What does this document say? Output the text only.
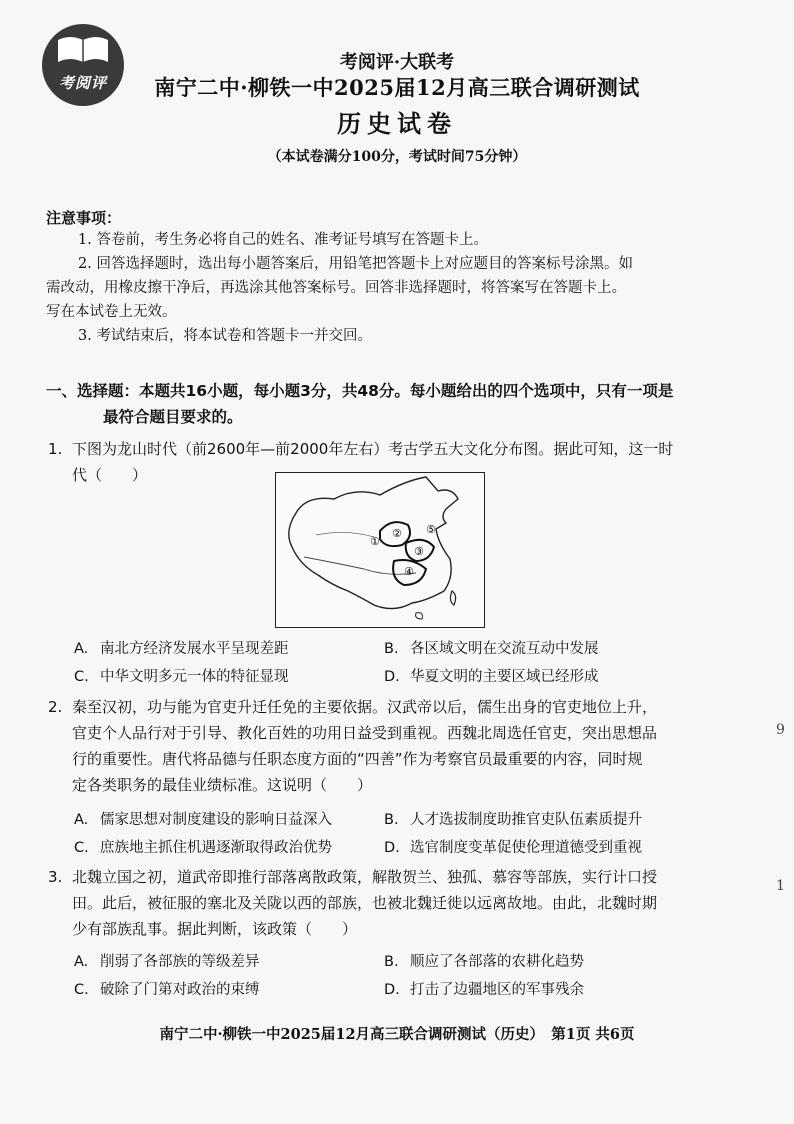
考阅评
考阅评·大联考
南宁二中·柳铁一中2025届12月高三联合调研测试
历史试卷
（本试卷满分100分，考试时间75分钟）
注意事项：
1. 答卷前，考生务必将自己的姓名、准考证号填写在答题卡上。
2. 回答选择题时，选出每小题答案后，用铅笔把答题卡上对应题目的答案标号涂黑。如
需改动，用橡皮擦干净后，再选涂其他答案标号。回答非选择题时，将答案写在答题卡上。
写在本试卷上无效。
3. 考试结束后，将本试卷和答题卡一并交回。
一、选择题：本题共16小题，每小题3分，共48分。每小题给出的四个选项中，只有一项是
最符合题目要求的。
1. 下图为龙山时代（前2600年—前2000年左右）考古学五大文化分布图。据此可知，这一时
代（　　）
①
②
③
④
⑤
A. 南北方经济发展水平呈现差距	B. 各区域文明在交流互动中发展
C. 中华文明多元一体的特征显现	D. 华夏文明的主要区域已经形成
2. 秦至汉初，功与能为官吏升迁任免的主要依据。汉武帝以后，儒生出身的官吏地位上升，
官吏个人品行对于引导、教化百姓的功用日益受到重视。西魏北周选任官吏，突出思想品
行的重要性。唐代将品德与任职态度方面的“四善”作为考察官员最重要的内容，同时规
定各类职务的最佳业绩标准。这说明（　　）
A. 儒家思想对制度建设的影响日益深入	B. 人才选拔制度助推官吏队伍素质提升
C. 庶族地主抓住机遇逐渐取得政治优势	D. 选官制度变革促使伦理道德受到重视
3. 北魏立国之初，道武帝即推行部落离散政策，解散贺兰、独孤、慕容等部族，实行计口授
田。此后，被征服的塞北及关陇以西的部族，也被北魏迁徙以远离故地。由此，北魏时期
少有部族乱事。据此判断，该政策（　　）
A. 削弱了各部族的等级差异	B. 顺应了各部落的农耕化趋势
C. 破除了门第对政治的束缚	D. 打击了边疆地区的军事残余
南宁二中·柳铁一中2025届12月高三联合调研测试（历史）　第1页 共6页
9
1
